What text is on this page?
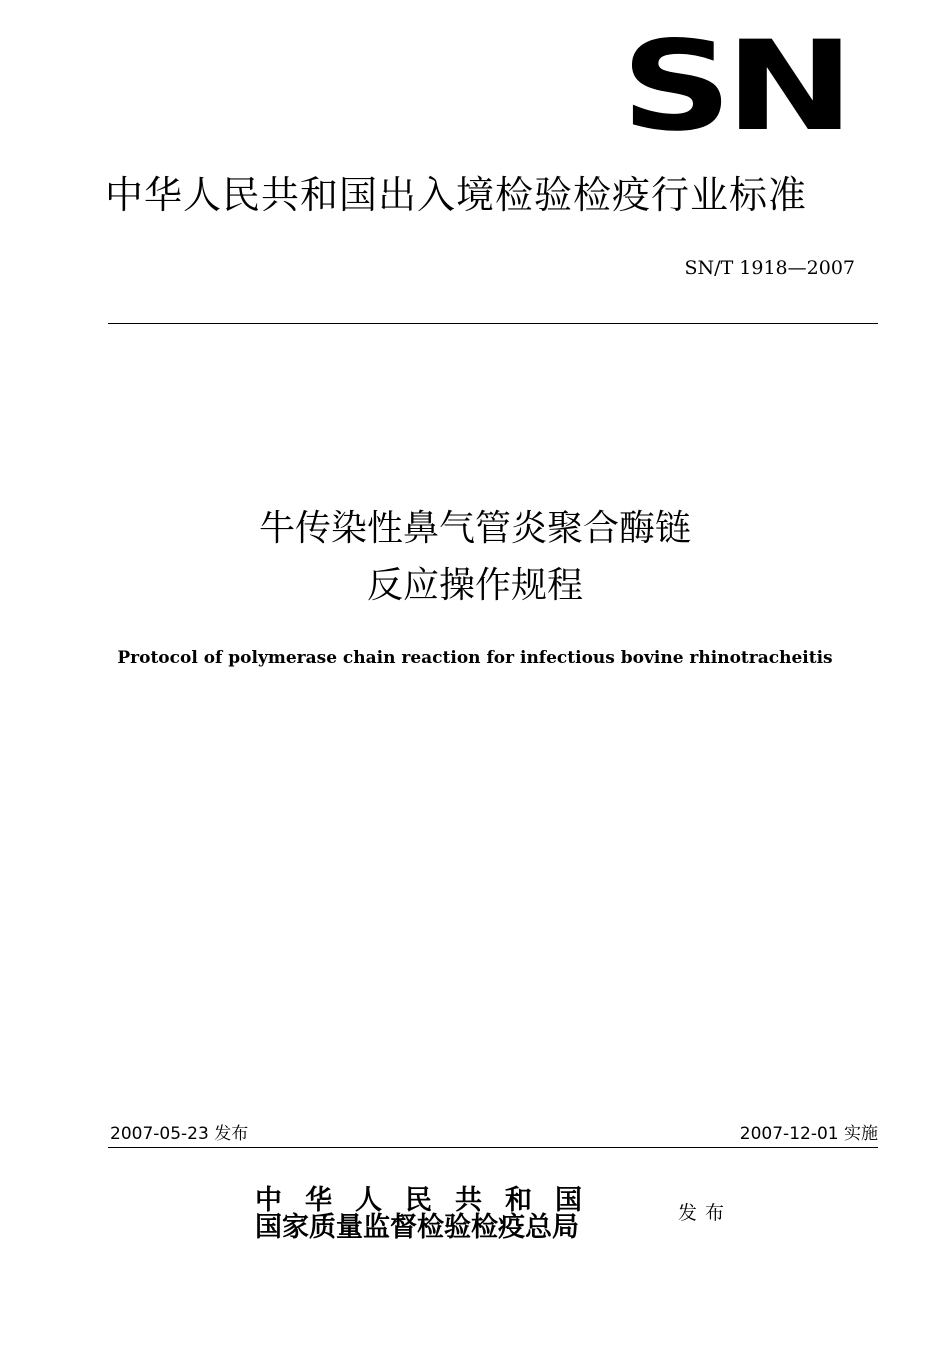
SN
中华人民共和国出入境检验检疫行业标准
SN/T 1918—2007
牛传染性鼻气管炎聚合酶链
反应操作规程
Protocol of polymerase chain reaction for infectious bovine rhinotracheitis
2007-05-23 发布	2007-12-01 实施
中华人民共和国
国家质量监督检验检疫总局	发布
